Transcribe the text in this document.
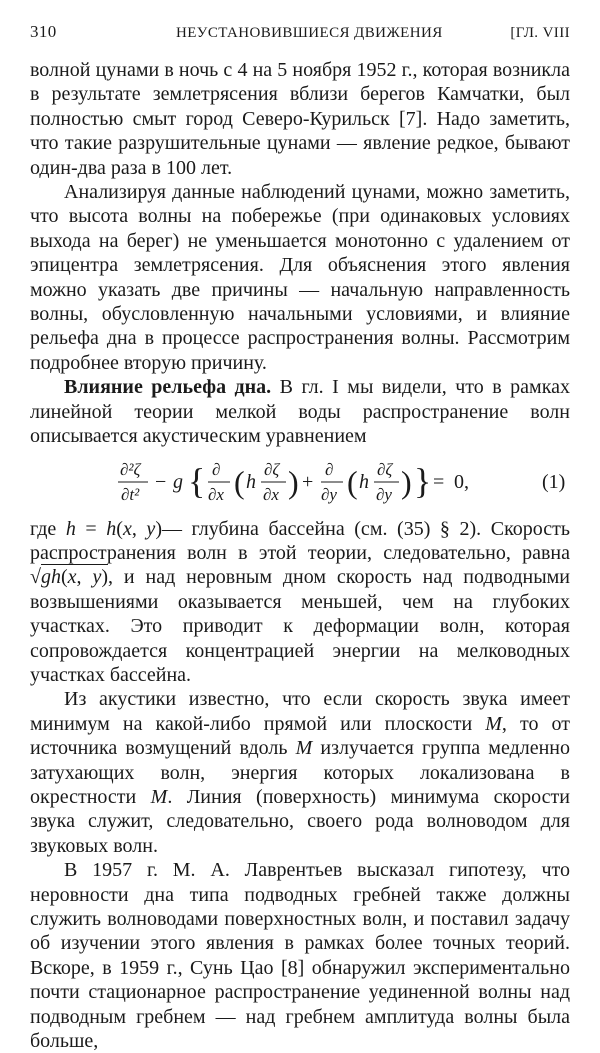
310	НЕУСТАНОВИВШИЕСЯ ДВИЖЕНИЯ	[ГЛ. VIII

волной цунами в ночь с 4 на 5 ноября 1952 г., которая возникла в результате землетрясения вблизи берегов Камчатки, был полностью смыт город Северо-Курильск [7]. Надо заметить, что такие разрушительные цунами — явление редкое, бывают один-два раза в 100 лет.

Анализируя данные наблюдений цунами, можно заметить, что высота волны на побережье (при одинаковых условиях выхода на берег) не уменьшается монотонно с удалением от эпицентра землетрясения. Для объяснения этого явления можно указать две причины — начальную направленность волны, обусловленную начальными условиями, и влияние рельефа дна в процессе распространения волны. Рассмотрим подробнее вторую причину.

Влияние рельефа дна. В гл. I мы видели, что в рамках линейной теории мелкой воды распространение волн описывается акустическим уравнением

∂²ζ
∂t²
− g { ∂
∂x ( h
∂ζ
∂x ) +
∂
∂y ( h
∂ζ
∂y ) } = 0,	(1)

где h = h(x, y)— глубина бассейна (см. (35) § 2). Скорость распространения волн в этой теории, следовательно, равна √gh(x, y), и над неровным дном скорость над подводными возвышениями оказывается меньшей, чем на глубоких участках. Это приводит к деформации волн, которая сопровождается концентрацией энергии на мелководных участках бассейна.

Из акустики известно, что если скорость звука имеет минимум на какой-либо прямой или плоскости M, то от источника возмущений вдоль M излучается группа медленно затухающих волн, энергия которых локализована в окрестности M. Линия (поверхность) минимума скорости звука служит, следовательно, своего рода волноводом для звуковых волн.

В 1957 г. М. А. Лаврентьев высказал гипотезу, что неровности дна типа подводных гребней также должны служить волноводами поверхностных волн, и поставил задачу об изучении этого явления в рамках более точных теорий. Вскоре, в 1959 г., Сунь Цао [8] обнаружил экспериментально почти стационарное распространение уединенной волны над подводным гребнем — над гребнем амплитуда волны была больше,
